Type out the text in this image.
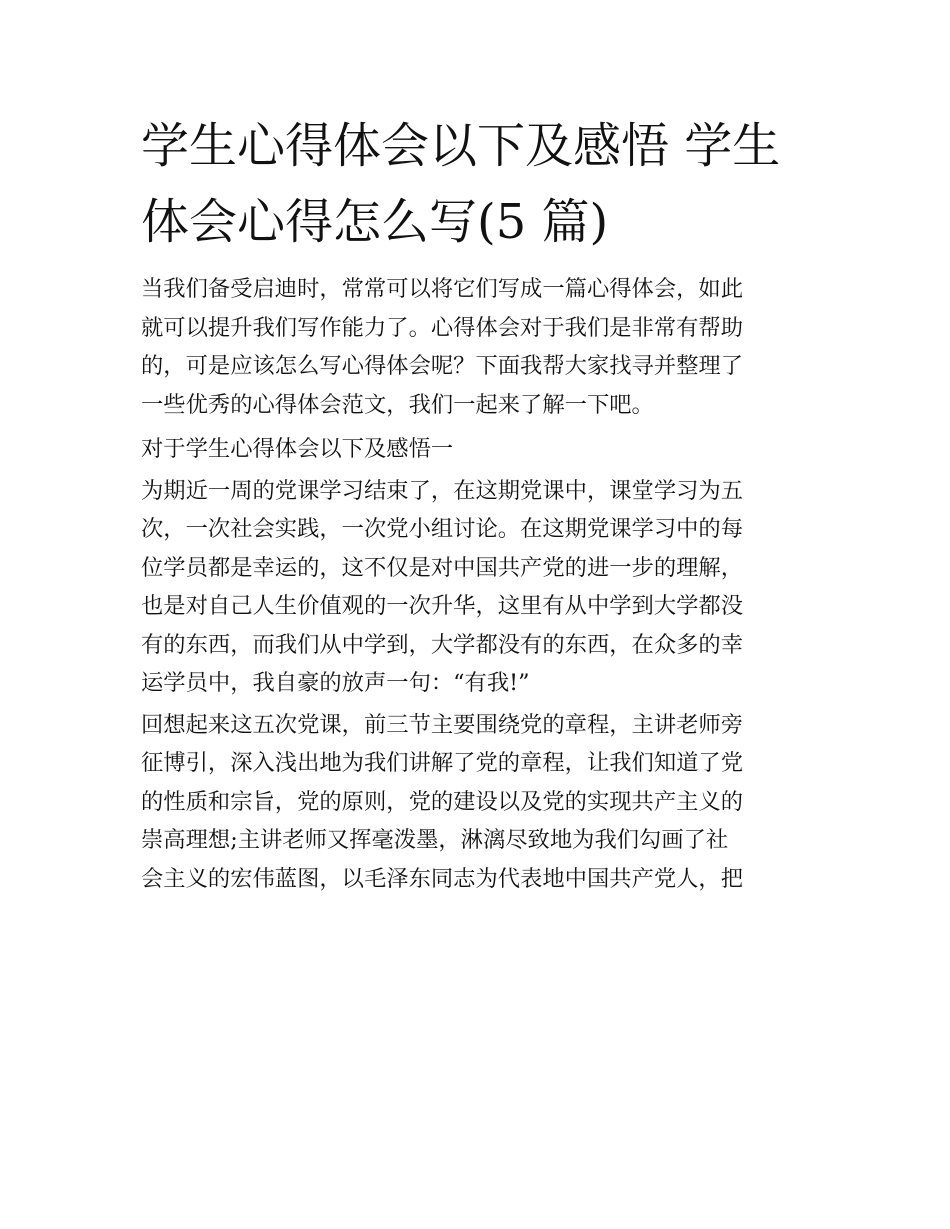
学生心得体会以下及感悟 学生
体会心得怎么写(5 篇)

当我们备受启迪时，常常可以将它们写成一篇心得体会，如此
就可以提升我们写作能力了。心得体会对于我们是非常有帮助
的，可是应该怎么写心得体会呢？下面我帮大家找寻并整理了
一些优秀的心得体会范文，我们一起来了解一下吧。

对于学生心得体会以下及感悟一

为期近一周的党课学习结束了，在这期党课中，课堂学习为五
次，一次社会实践，一次党小组讨论。在这期党课学习中的每
位学员都是幸运的，这不仅是对中国共产党的进一步的理解，
也是对自己人生价值观的一次升华，这里有从中学到大学都没
有的东西，而我们从中学到，大学都没有的东西，在众多的幸
运学员中，我自豪的放声一句：“有我!”

回想起来这五次党课，前三节主要围绕党的章程，主讲老师旁
征博引，深入浅出地为我们讲解了党的章程，让我们知道了党
的性质和宗旨，党的原则，党的建设以及党的实现共产主义的
崇高理想;主讲老师又挥毫泼墨，淋漓尽致地为我们勾画了社
会主义的宏伟蓝图，以毛泽东同志为代表地中国共产党人，把
